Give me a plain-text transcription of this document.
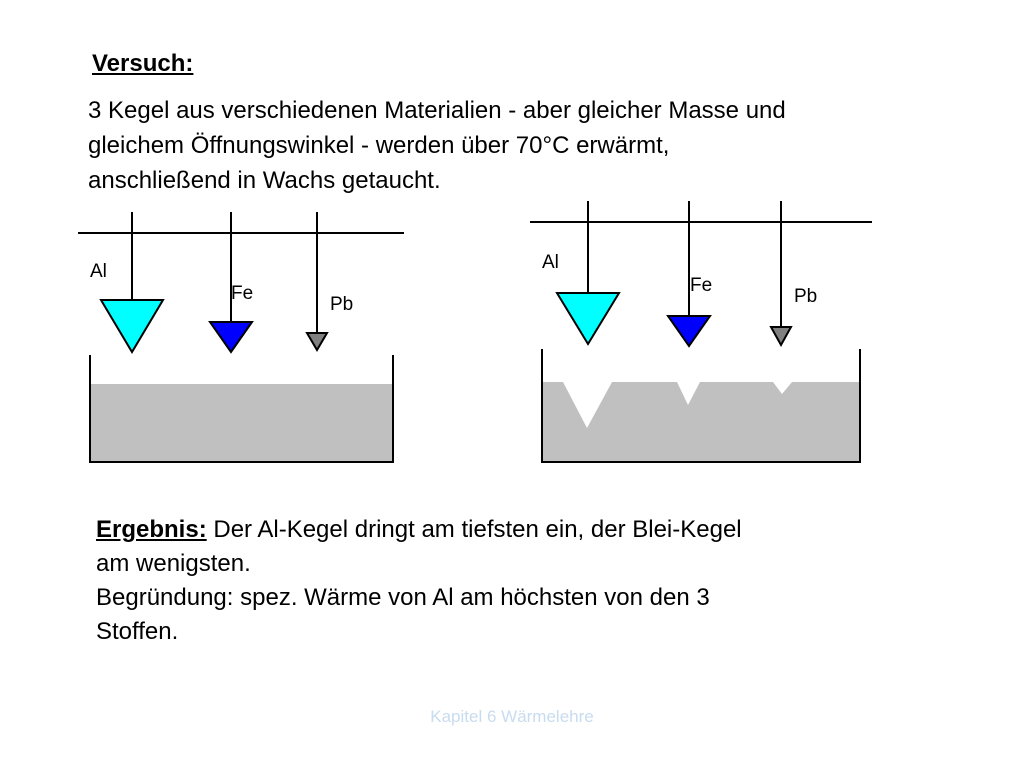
Versuch:
3 Kegel aus verschiedenen Materialien - aber gleicher Masse und
gleichem Öffnungswinkel - werden über 70°C erwärmt,
anschließend in Wachs getaucht.
Al
Fe
Pb
Al
Fe
Pb
Ergebnis: Der Al-Kegel dringt am tiefsten ein, der Blei-Kegel
am wenigsten.
Begründung: spez. Wärme von Al am höchsten von den 3
Stoffen.
Kapitel 6 Wärmelehre
